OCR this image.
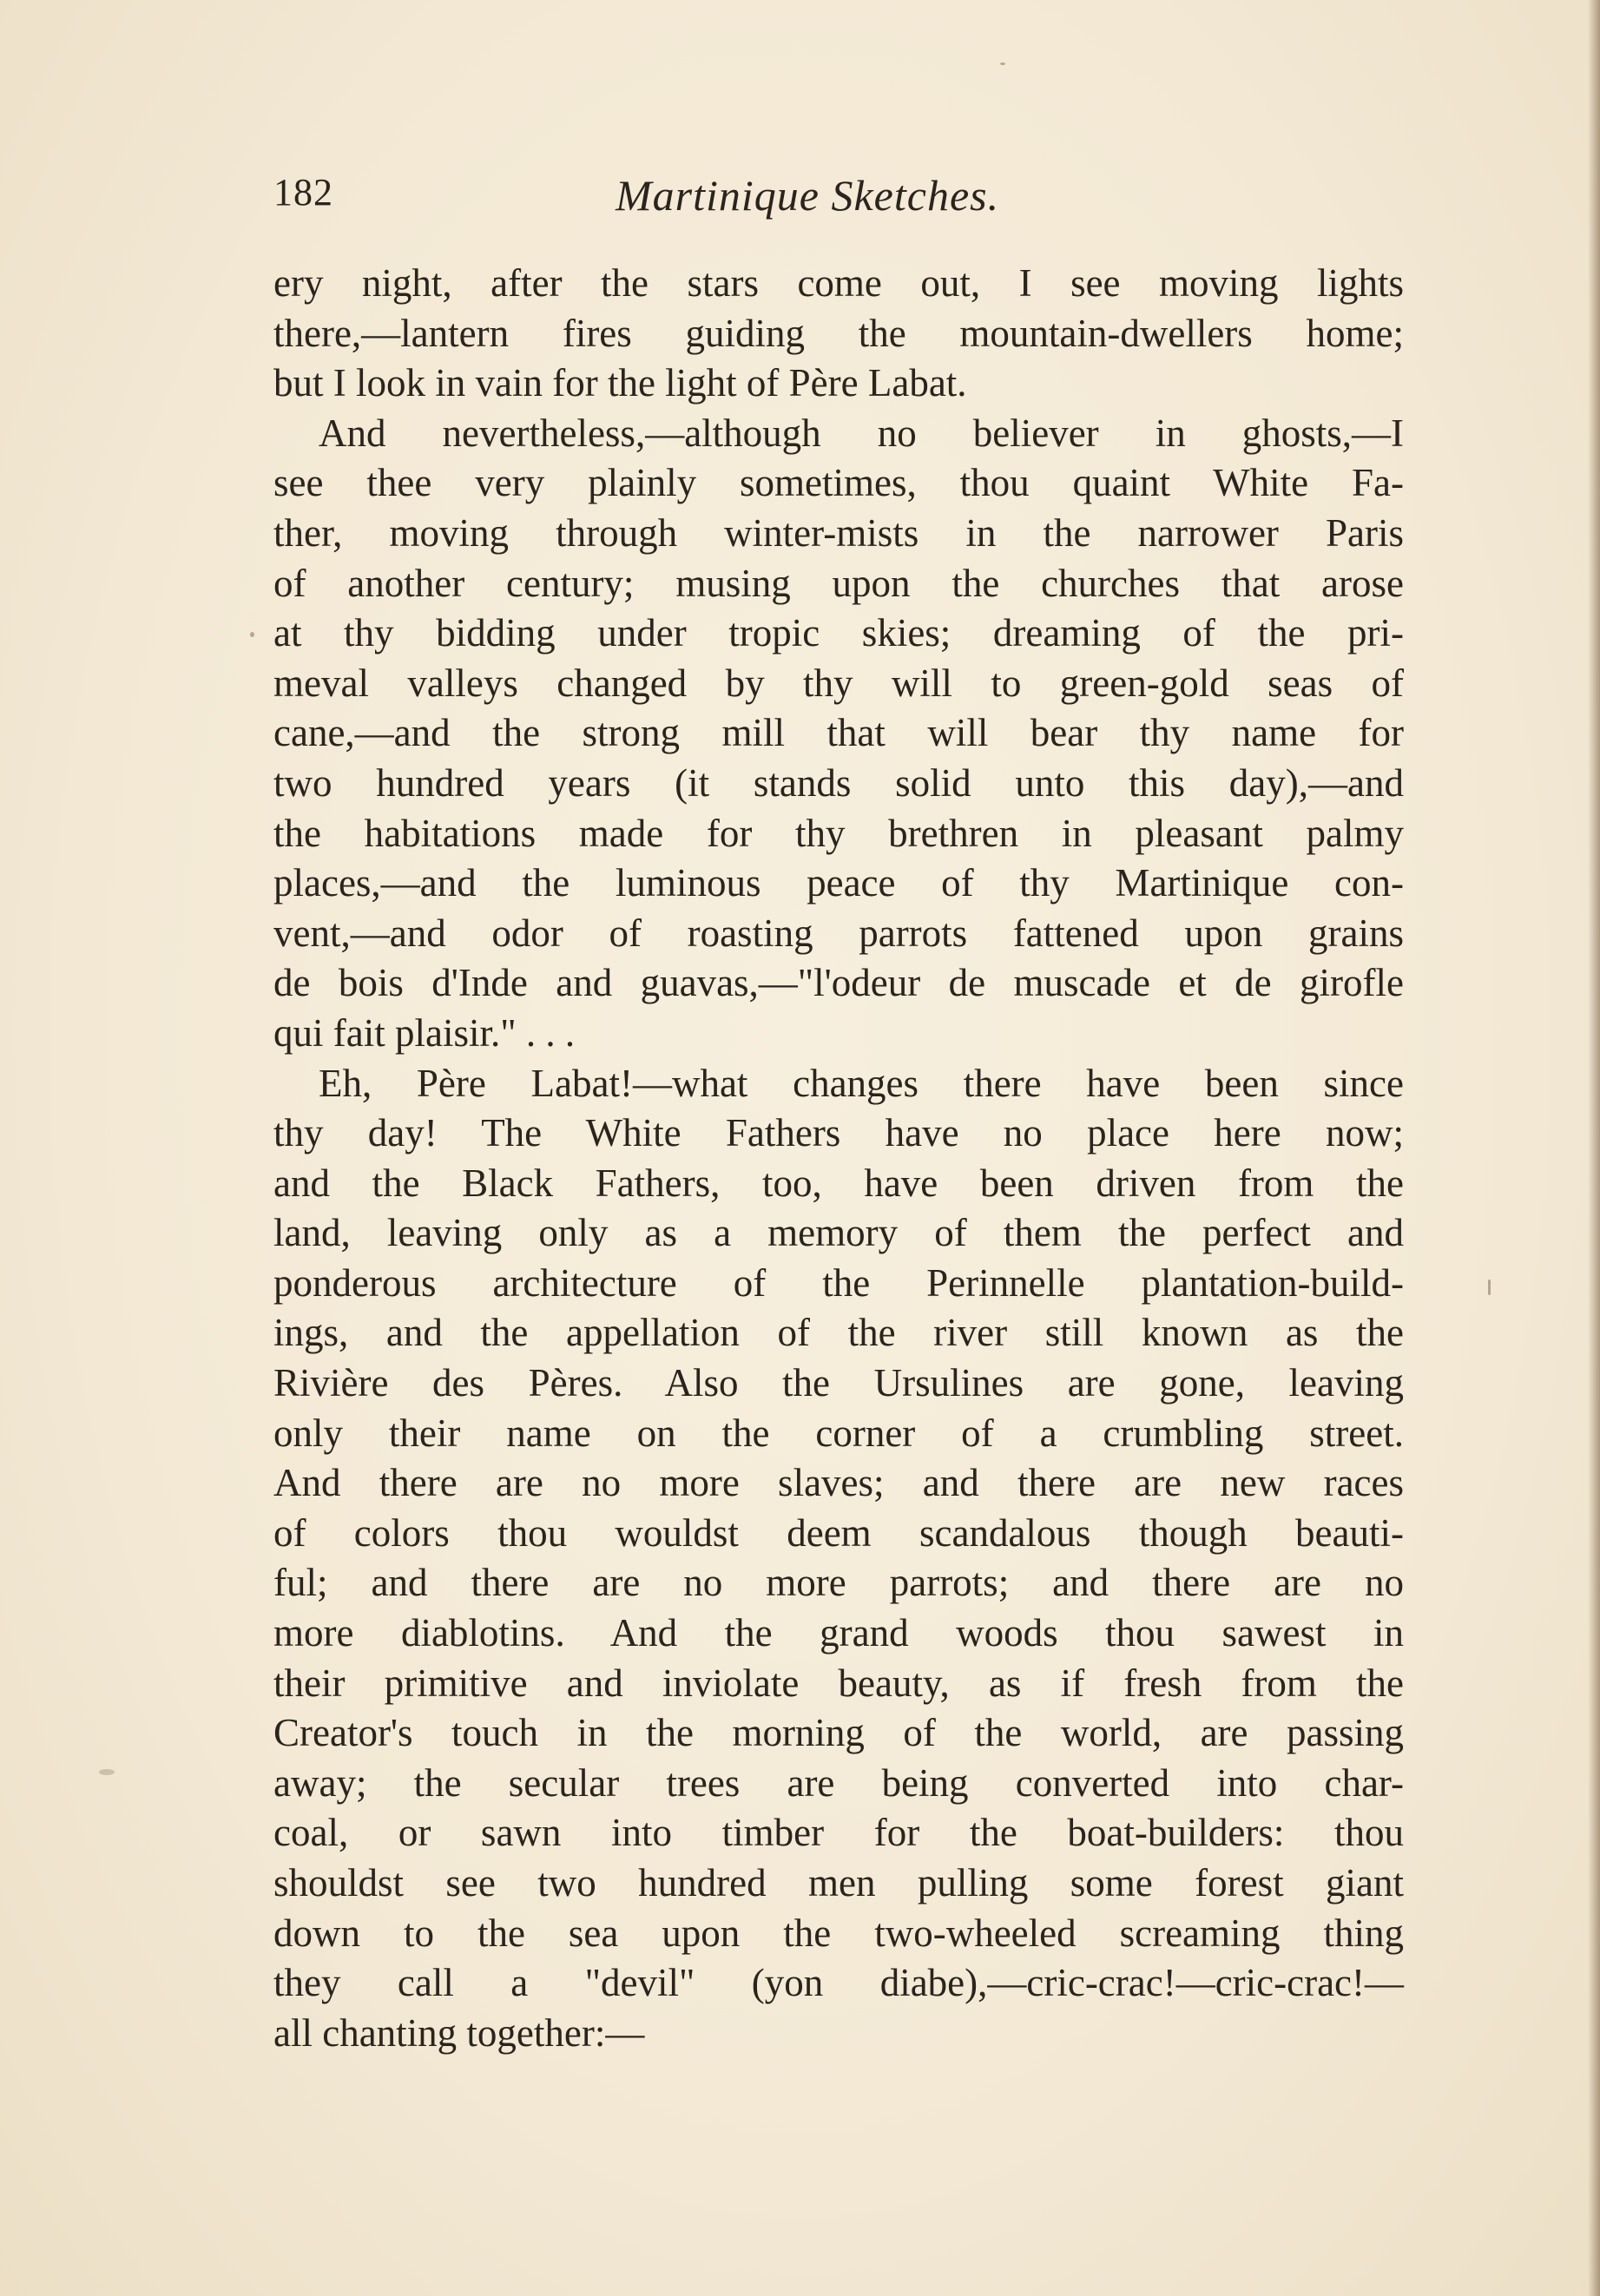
182	Martinique Sketches.
ery night, after the stars come out, I see moving lights
there,—lantern fires guiding the mountain-dwellers home;
but I look in vain for the light of Père Labat.
And nevertheless,—although no believer in ghosts,—I
see thee very plainly sometimes, thou quaint White Fa-
ther, moving through winter-mists in the narrower Paris
of another century; musing upon the churches that arose
at thy bidding under tropic skies; dreaming of the pri-
meval valleys changed by thy will to green-gold seas of
cane,—and the strong mill that will bear thy name for
two hundred years (it stands solid unto this day),—and
the habitations made for thy brethren in pleasant palmy
places,—and the luminous peace of thy Martinique con-
vent,—and odor of roasting parrots fattened upon grains
de bois d'Inde and guavas,—"l'odeur de muscade et de girofle
qui fait plaisir." . . .
Eh, Père Labat!—what changes there have been since
thy day! The White Fathers have no place here now;
and the Black Fathers, too, have been driven from the
land, leaving only as a memory of them the perfect and
ponderous architecture of the Perinnelle plantation-build-
ings, and the appellation of the river still known as the
Rivière des Pères. Also the Ursulines are gone, leaving
only their name on the corner of a crumbling street.
And there are no more slaves; and there are new races
of colors thou wouldst deem scandalous though beauti-
ful; and there are no more parrots; and there are no
more diablotins. And the grand woods thou sawest in
their primitive and inviolate beauty, as if fresh from the
Creator's touch in the morning of the world, are passing
away; the secular trees are being converted into char-
coal, or sawn into timber for the boat-builders: thou
shouldst see two hundred men pulling some forest giant
down to the sea upon the two-wheeled screaming thing
they call a "devil" (yon diabe),—cric-crac!—cric-crac!—
all chanting together:—
